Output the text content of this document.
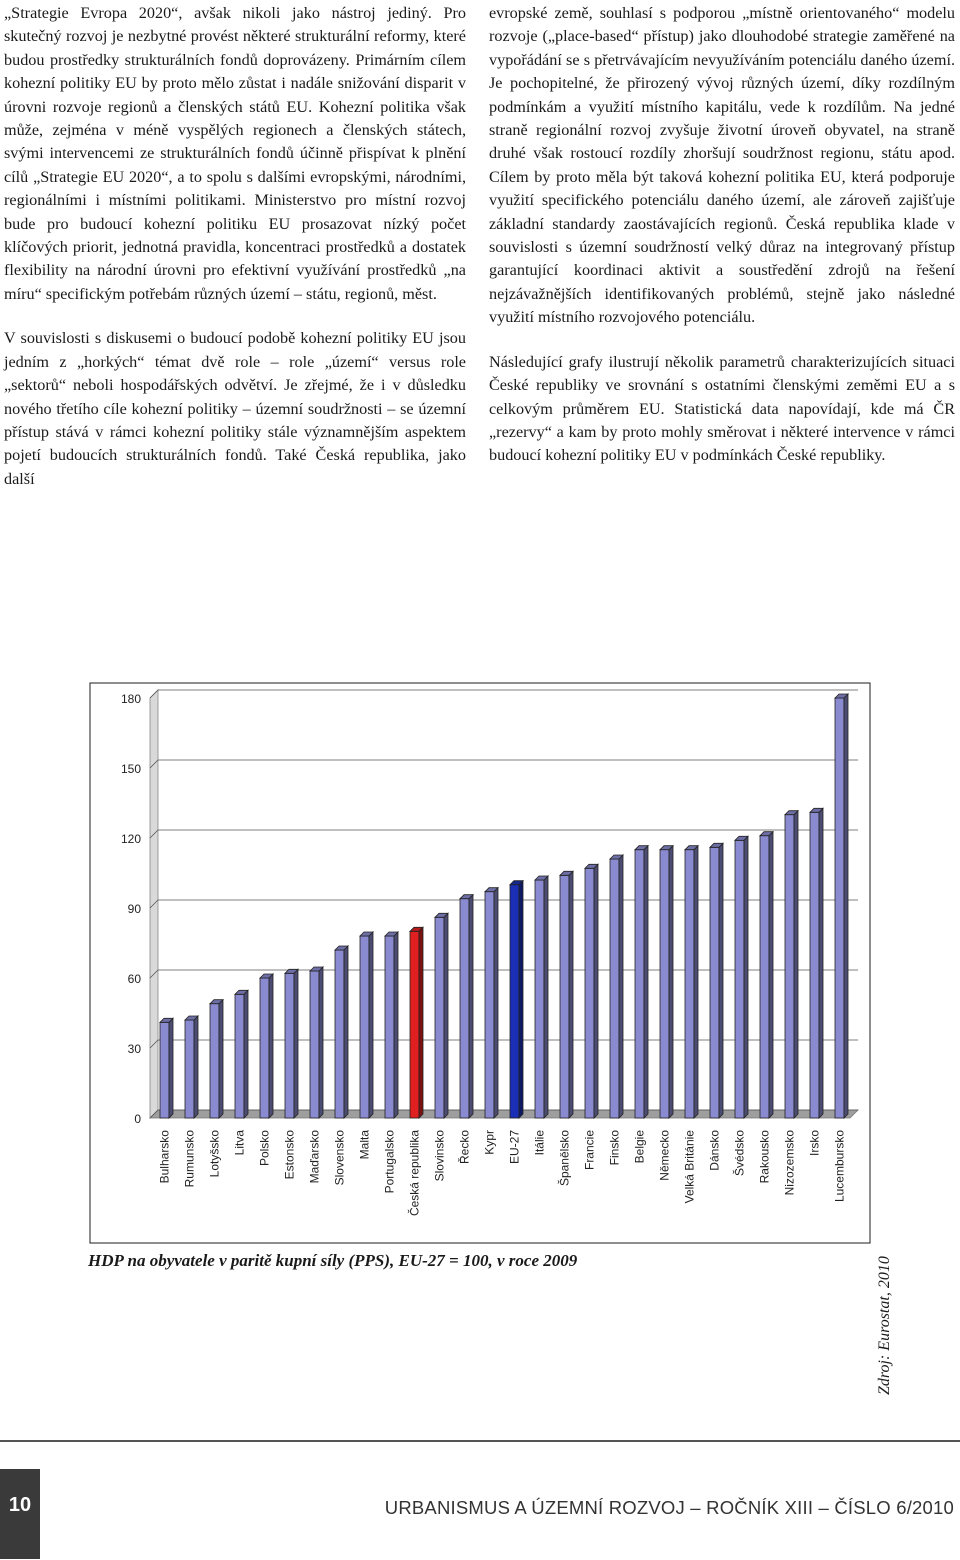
„Strategie Evropa 2020“, avšak nikoli jako nástroj jediný. Pro skutečný rozvoj je nezbytné provést některé strukturální reformy, které budou prostředky strukturálních fondů doprovázeny. Primárním cílem kohezní politiky EU by proto mělo zůstat i nadále snižování disparit v úrovni rozvoje regionů a členských států EU. Kohezní politika však může, zejména v méně vyspělých regionech a členských státech, svými intervencemi ze strukturálních fondů účinně přispívat k plnění cílů „Strategie EU 2020“, a to spolu s dalšími evropskými, národními, regionálními i místními politikami. Ministerstvo pro místní rozvoj bude pro budoucí kohezní politiku EU prosazovat nízký počet klíčových priorit, jednotná pravidla, koncentraci prostředků a dostatek flexibility na národní úrovni pro efektivní využívání prostředků „na míru“ specifickým potřebám různých území – státu, regionů, měst.

V souvislosti s diskusemi o budoucí podobě kohezní politiky EU jsou jedním z „horkých“ témat dvě role – role „území“ versus role „sektorů“ neboli hospodářských odvětví. Je zřejmé, že i v důsledku nového třetího cíle kohezní politiky – územní soudržnosti – se územní přístup stává v rámci kohezní politiky stále významnějším aspektem pojetí budoucích strukturálních fondů. Také Česká republika, jako další

evropské země, souhlasí s podporou „místně orientovaného“ modelu rozvoje („place-based“ přístup) jako dlouhodobé strategie zaměřené na vypořádání se s přetrvávajícím nevyužíváním potenciálu daného území. Je pochopitelné, že přirozený vývoj různých území, díky rozdílným podmínkám a využití místního kapitálu, vede k rozdílům. Na jedné straně regionální rozvoj zvyšuje životní úroveň obyvatel, na straně druhé však rostoucí rozdíly zhoršují soudržnost regionu, státu apod. Cílem by proto měla být taková kohezní politika EU, která podporuje využití specifického potenciálu daného území, ale zároveň zajišťuje základní standardy zaostávajících regionů. Česká republika klade v souvislosti s územní soudržností velký důraz na integrovaný přístup garantující koordinaci aktivit a soustředění zdrojů na řešení nejzávažnějších identifikovaných problémů, stejně jako následné využití místního rozvojového potenciálu.

Následující grafy ilustrují několik parametrů charakterizujících situaci České republiky ve srovnání s ostatními členskými zeměmi EU a s celkovým průměrem EU. Statistická data napovídají, kde má ČR „rezervy“ a kam by proto mohly směrovat i některé intervence v rámci budoucí kohezní politiky EU v podmínkách České republiky.

0
30
60
90
120
150
180
Bulharsko Rumunsko Lotyšsko Litva Polsko Estonsko Maďarsko Slovensko Malta Portugalsko Česká republika Slovinsko Řecko Kypr EU-27 Itálie Španělsko Francie Finsko Belgie Německo Velká Británie Dánsko Švédsko Rakousko Nizozemsko Irsko Lucembursko
HDP na obyvatele v paritě kupní síly (PPS), EU-27 = 100, v roce 2009	Zdroj: Eurostat, 2010
10	URBANISMUS A ÚZEMNÍ ROZVOJ – ROČNÍK XIII – ČÍSLO 6/2010
